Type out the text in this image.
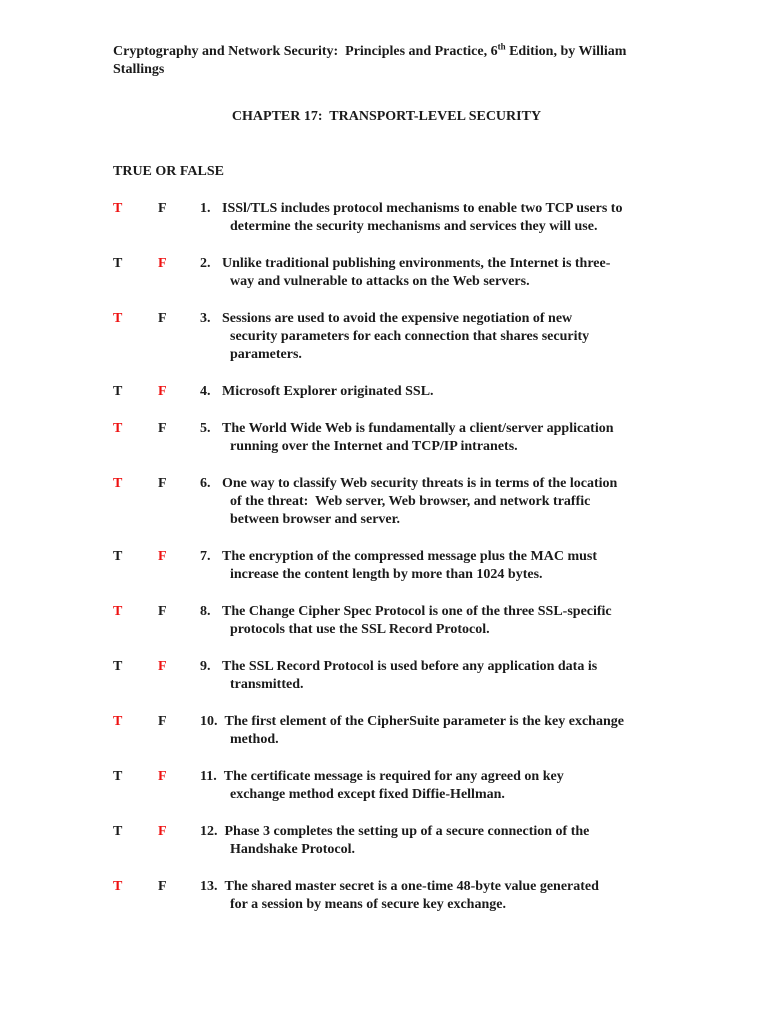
Cryptography and Network Security:  Principles and Practice, 6th Edition, by William
Stallings
CHAPTER 17:  TRANSPORT-LEVEL SECURITY
TRUE OR FALSE
T	F	1. ISSl/TLS includes protocol mechanisms to enable two TCP users to
determine the security mechanisms and services they will use.
T	F	2. Unlike traditional publishing environments, the Internet is three-
way and vulnerable to attacks on the Web servers.
T	F	3. Sessions are used to avoid the expensive negotiation of new
security parameters for each connection that shares security
parameters.
T	F	4. Microsoft Explorer originated SSL.
T	F	5. The World Wide Web is fundamentally a client/server application
running over the Internet and TCP/IP intranets.
T	F	6. One way to classify Web security threats is in terms of the location
of the threat:  Web server, Web browser, and network traffic
between browser and server.
T	F	7. The encryption of the compressed message plus the MAC must
increase the content length by more than 1024 bytes.
T	F	8. The Change Cipher Spec Protocol is one of the three SSL-specific
protocols that use the SSL Record Protocol.
T	F	9. The SSL Record Protocol is used before any application data is
transmitted.
T	F	10. The first element of the CipherSuite parameter is the key exchange
method.
T	F	11. The certificate message is required for any agreed on key
exchange method except fixed Diffie-Hellman.
T	F	12. Phase 3 completes the setting up of a secure connection of the
Handshake Protocol.
T	F	13. The shared master secret is a one-time 48-byte value generated
for a session by means of secure key exchange.
